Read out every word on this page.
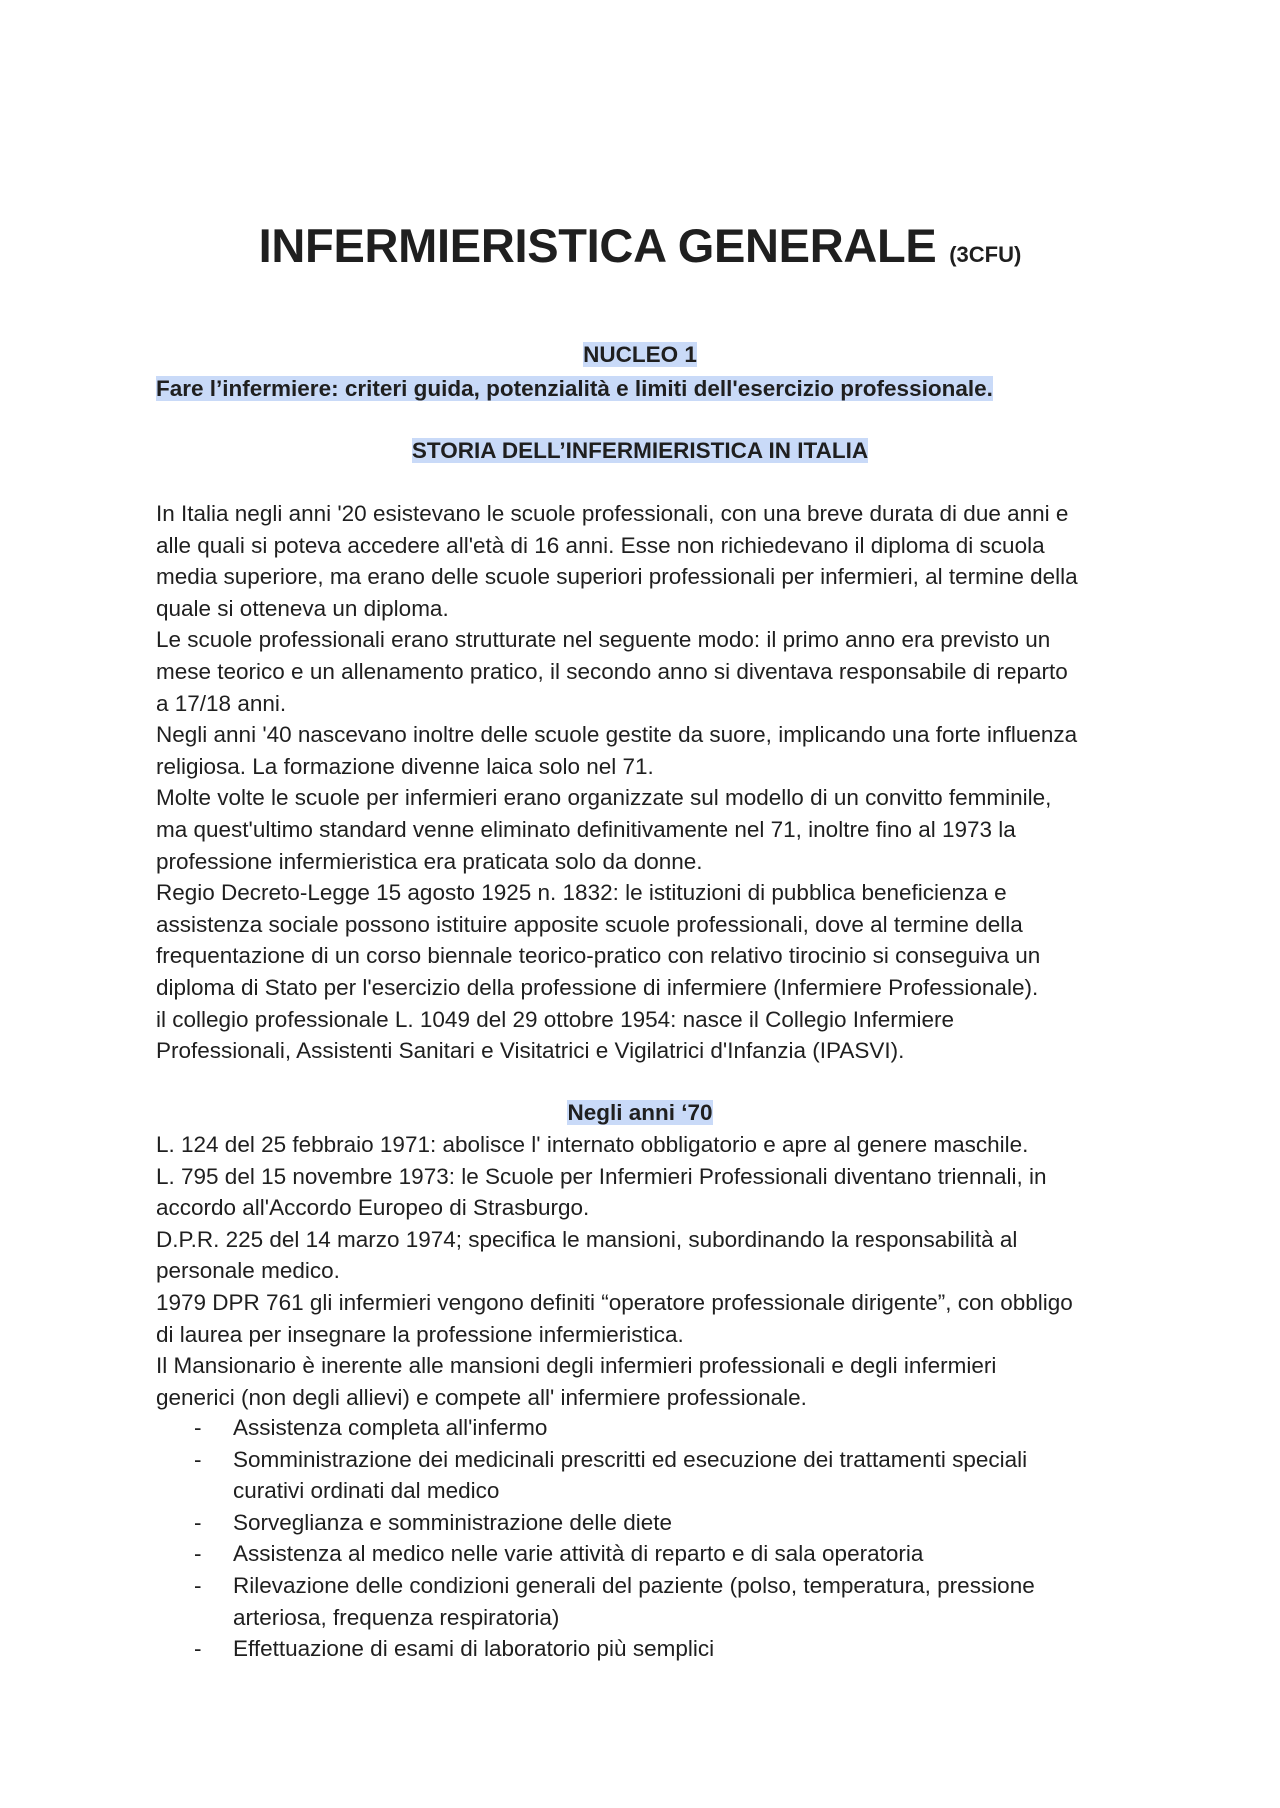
INFERMIERISTICA GENERALE (3CFU)
NUCLEO 1
Fare l’infermiere: criteri guida, potenzialità e limiti dell'esercizio professionale.
STORIA DELL’INFERMIERISTICA IN ITALIA
In Italia negli anni '20 esistevano le scuole professionali, con una breve durata di due anni e
alle quali si poteva accedere all'età di 16 anni. Esse non richiedevano il diploma di scuola
media superiore, ma erano delle scuole superiori professionali per infermieri, al termine della
quale si otteneva un diploma.
Le scuole professionali erano strutturate nel seguente modo: il primo anno era previsto un
mese teorico e un allenamento pratico, il secondo anno si diventava responsabile di reparto
a 17/18 anni.
Negli anni '40 nascevano inoltre delle scuole gestite da suore, implicando una forte influenza
religiosa. La formazione divenne laica solo nel 71.
Molte volte le scuole per infermieri erano organizzate sul modello di un convitto femminile,
ma quest'ultimo standard venne eliminato definitivamente nel 71, inoltre fino al 1973 la
professione infermieristica era praticata solo da donne.
Regio Decreto-Legge 15 agosto 1925 n. 1832: le istituzioni di pubblica beneficienza e
assistenza sociale possono istituire apposite scuole professionali, dove al termine della
frequentazione di un corso biennale teorico-pratico con relativo tirocinio si conseguiva un
diploma di Stato per l'esercizio della professione di infermiere (Infermiere Professionale).
il collegio professionale L. 1049 del 29 ottobre 1954: nasce il Collegio Infermiere
Professionali, Assistenti Sanitari e Visitatrici e Vigilatrici d'Infanzia (IPASVI).
Negli anni ‘70
L. 124 del 25 febbraio 1971: abolisce l' internato obbligatorio e apre al genere maschile.
L. 795 del 15 novembre 1973: le Scuole per Infermieri Professionali diventano triennali, in
accordo all'Accordo Europeo di Strasburgo.
D.P.R. 225 del 14 marzo 1974; specifica le mansioni, subordinando la responsabilità al
personale medico.
1979 DPR 761 gli infermieri vengono definiti “operatore professionale dirigente”, con obbligo
di laurea per insegnare la professione infermieristica.
Il Mansionario è inerente alle mansioni degli infermieri professionali e degli infermieri
generici (non degli allievi) e compete all' infermiere professionale.
- Assistenza completa all'infermo
- Somministrazione dei medicinali prescritti ed esecuzione dei trattamenti speciali
curativi ordinati dal medico
- Sorveglianza e somministrazione delle diete
- Assistenza al medico nelle varie attività di reparto e di sala operatoria
- Rilevazione delle condizioni generali del paziente (polso, temperatura, pressione
arteriosa, frequenza respiratoria)
- Effettuazione di esami di laboratorio più semplici
